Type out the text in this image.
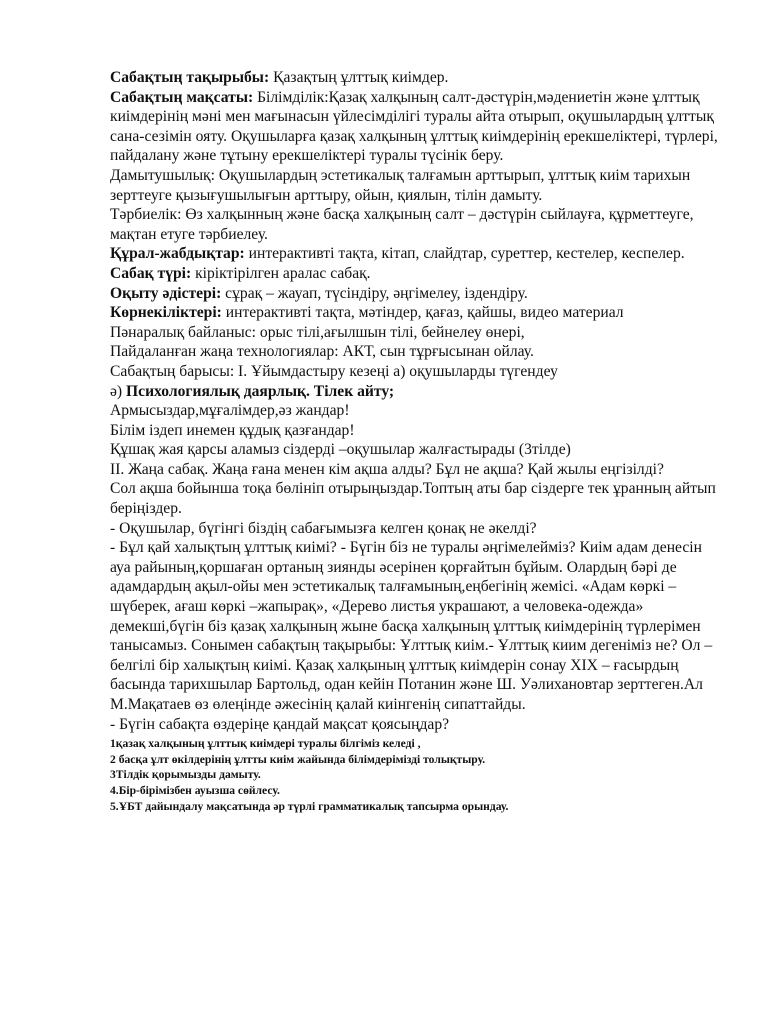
Сабақтың тақырыбы: Қазақтың ұлттық киімдер.

Сабақтың мақсаты: Білімділік:Қазақ халқының салт-дәстүрін,мәдениетін және ұлттық киімдерінің мәні мен мағынасын үйлесімділігі туралы айта отырып, оқушылардың ұлттық сана-сезімін ояту. Оқушыларға қазақ халқының ұлттық киімдерінің ерекшеліктері, түрлері, пайдалану және тұтыну ерекшеліктері туралы түсінік беру.

Дамытушылық: Оқушылардың эстетикалық талғамын арттырып, ұлттық киім тарихын зерттеуге қызығушылығын арттыру, ойын, қиялын, тілін дамыту.

Тәрбиелік: Өз халқынның және басқа халқының салт – дәстүрін сыйлауға, құрметтеуге, мақтан етуге тәрбиелеу.

Құрал-жабдықтар: интерактивті тақта, кітап, слайдтар, суреттер, кестелер, кеспелер.

Сабақ түрі: кіріктірілген аралас сабақ.

Оқыту әдістері: сұрақ – жауап, түсіндіру, әңгімелеу, іздендіру.

Көрнекіліктері: интерактивті тақта, мәтіндер, қағаз, қайшы, видео материал

Пәнаралық байланыс: орыс тілі,ағылшын тілі, бейнелеу өнері,

Пайдаланған жаңа технологиялар: АКТ, сын тұрғысынан ойлау.

Сабақтың барысы: І. Ұйымдастыру кезеңі а) оқушыларды түгендеу

ә) Психологиялық даярлық. Тілек айту;

Армысыздар,мұғалімдер,әз жандар!

Білім іздеп инемен құдық қазғандар!

Құшақ жая қарсы аламыз сіздерді –оқушылар жалғастырады (3тілде)

ІІ. Жаңа сабақ. Жаңа ғана менен кім ақша алды? Бұл не ақша? Қай жылы еңгізілді?

Сол ақша бойынша тоқа бөлініп отырыңыздар.Топтың аты бар сіздерге тек ұранның айтып беріңіздер.

- Оқушылар, бүгінгі біздің сабағымызға келген қонақ не әкелді?

- Бұл қай халықтың ұлттық киімі? - Бүгін біз не туралы әңгімелейміз? Киім адам денесін ауа райының,қоршаған ортаның зиянды әсерінен қорғайтын бұйым. Олардың бәрі де адамдардың ақыл-ойы мен эстетикалық талғамының,еңбегінің жемісі. «Адам көркі –шүберек, ағаш көркі –жапырақ», «Дерево листья украшают, а человека-одежда» демекші,бүгін біз қазақ халқының жыне басқа халқының ұлттық киімдерінің түрлерімен танысамыз. Сонымен сабақтың тақырыбы: Ұлттық киім.- Ұлттық киим дегеніміз не? Ол –белгілі бір халықтың киімі. Қазақ халқының ұлттық киімдерін сонау ХІХ – ғасырдың басында тарихшылар Бартольд, одан кейін Потанин және Ш. Уәлихановтар зерттеген.Ал М.Мақатаев өз өлеңінде әжесінің қалай киінгенің сипаттайды.

- Бүгін сабақта өздеріңе қандай мақсат қоясыңдар?

1қазақ халқының ұлттық киімдері туралы білгіміз келеді ,

2 басқа ұлт өкілдерінің ұлтты киім жайында білімдерімізді толықтыру.

3Тілдік қорымызды дамыту.

4.Бір-бірімізбен ауызша сөйлесу.

5.ҰБТ дайындалу мақсатында әр түрлі грамматикалық тапсырма орындау.
